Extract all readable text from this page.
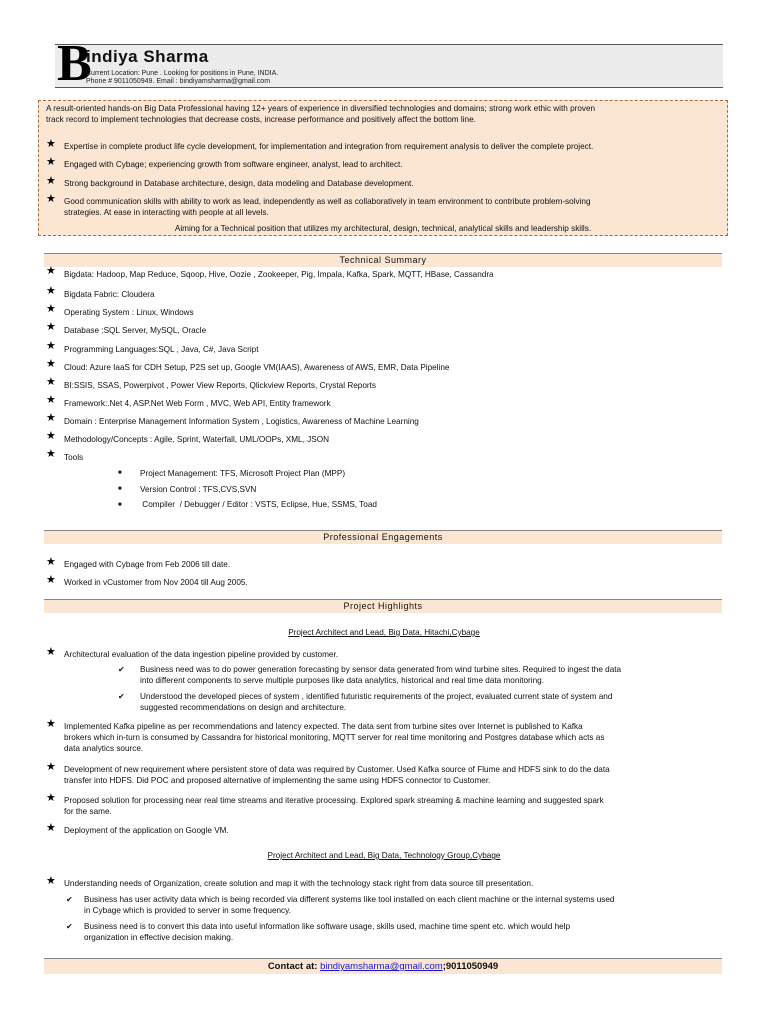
B
indiya Sharma
Current Location: Pune . Looking for positions in Pune, INDIA.
Phone # 9011050949. Email : bindiyamsharma@gmail.com
A result-oriented hands-on Big Data Professional having 12+ years of experience in diversified technologies and domains; strong work ethic with proven
track record to implement technologies that decrease costs, increase performance and positively affect the bottom line.
★ Expertise in complete product life cycle development, for implementation and integration from requirement analysis to deliver the complete project.
★ Engaged with Cybage; experiencing growth from software engineer, analyst, lead to architect.
★ Strong background in Database architecture, design, data modeling and Database development.
★ Good communication skills with ability to work as lead, independently as well as collaboratively in team environment to contribute problem-solving
strategies. At ease in interacting with people at all levels.
Aiming for a Technical position that utilizes my architectural, design, technical, analytical skills and leadership skills.
Technical Summary
★ Bigdata: Hadoop, Map Reduce, Sqoop, Hive, Oozie , Zookeeper, Pig, Impala, Kafka, Spark, MQTT, HBase, Cassandra
★ Bigdata Fabric: Cloudera
★ Operating System : Linux, Windows
★ Database :SQL Server, MySQL, Oracle
★ Programming Languages:SQL , Java, C#, Java Script
★ Cloud: Azure IaaS for CDH Setup, P2S set up, Google VM(IAAS), Awareness of AWS, EMR, Data Pipeline
★ BI:SSIS, SSAS, Powerpivot , Power View Reports, Qlickview Reports, Crystal Reports
★ Framework:.Net 4, ASP.Net Web Form , MVC, Web API, Entity framework
★ Domain : Enterprise Management Information System , Logistics, Awareness of Machine Learning
★ Methodology/Concepts : Agile, Sprint, Waterfall, UML/OOPs, XML, JSON
★ Tools
■ Project Management: TFS, Microsoft Project Plan (MPP)
■ Version Control : TFS,CVS,SVN
■ Compiler  / Debugger / Editor : VSTS, Eclipse, Hue, SSMS, Toad
Professional Engagements
★ Engaged with Cybage from Feb 2006 till date.
★ Worked in vCustomer from Nov 2004 till Aug 2005.
Project Highlights
Project Architect and Lead, Big Data, Hitachi,Cybage
★ Architectural evaluation of the data ingestion pipeline provided by customer.
✔ Business need was to do power generation forecasting by sensor data generated from wind turbine sites. Required to ingest the data
into different components to serve multiple purposes like data analytics, historical and real time data monitoring.
✔ Understood the developed pieces of system , identified futuristic requirements of the project, evaluated current state of system and
suggested recommendations on design and architecture.
★ Implemented Kafka pipeline as per recommendations and latency expected. The data sent from turbine sites over Internet is published to Kafka
brokers which in-turn is consumed by Cassandra for historical monitoring, MQTT server for real time monitoring and Postgres database which acts as
data analytics source.
★ Development of new requirement where persistent store of data was required by Customer. Used Kafka source of Flume and HDFS sink to do the data
transfer into HDFS. Did POC and proposed alternative of implementing the same using HDFS connector to Customer.
★ Proposed solution for processing near real time streams and iterative processing. Explored spark streaming & machine learning and suggested spark
for the same.
★ Deployment of the application on Google VM.
Project Architect and Lead, Big Data, Technology Group,Cybage
★ Understanding needs of Organization, create solution and map it with the technology stack right from data source till presentation.
✔ Business has user activity data which is being recorded via different systems like tool installed on each client machine or the internal systems used
in Cybage which is provided to server in some frequency.
✔ Business need is to convert this data into useful information like software usage, skills used, machine time spent etc. which would help
organization in effective decision making.
Contact at: bindiyamsharma@gmail.com;9011050949
